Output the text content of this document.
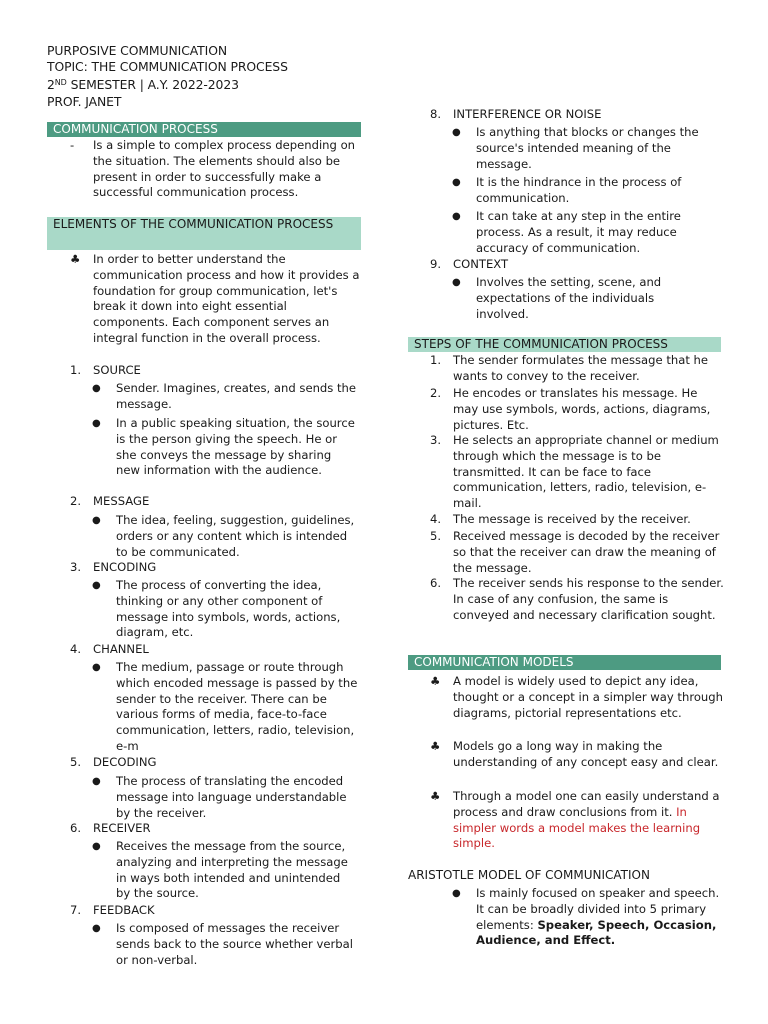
PURPOSIVE COMMUNICATION
TOPIC: THE COMMUNICATION PROCESS
2ND SEMESTER | A.Y. 2022-2023
PROF. JANET
COMMUNICATION PROCESS
- Is a simple to complex process depending on the situation. The elements should also be present in order to successfully make a successful communication process.
ELEMENTS OF THE COMMUNICATION PROCESS
♣ In order to better understand the communication process and how it provides a foundation for group communication, let's break it down into eight essential components. Each component serves an integral function in the overall process.
1. SOURCE
● Sender. Imagines, creates, and sends the message.
● In a public speaking situation, the source is the person giving the speech. He or she conveys the message by sharing new information with the audience.
2. MESSAGE
● The idea, feeling, suggestion, guidelines, orders or any content which is intended to be communicated.
3. ENCODING
● The process of converting the idea, thinking or any other component of message into symbols, words, actions, diagram, etc.
4. CHANNEL
● The medium, passage or route through which encoded message is passed by the sender to the receiver. There can be various forms of media, face-to-face communication, letters, radio, television, e-m
5. DECODING
● The process of translating the encoded message into language understandable by the receiver.
6. RECEIVER
● Receives the message from the source, analyzing and interpreting the message in ways both intended and unintended by the source.
7. FEEDBACK
● Is composed of messages the receiver sends back to the source whether verbal or non-verbal.
8. INTERFERENCE OR NOISE
● Is anything that blocks or changes the source's intended meaning of the message.
● It is the hindrance in the process of communication.
● It can take at any step in the entire process. As a result, it may reduce accuracy of communication.
9. CONTEXT
● Involves the setting, scene, and expectations of the individuals involved.
STEPS OF THE COMMUNICATION PROCESS
1. The sender formulates the message that he wants to convey to the receiver.
2. He encodes or translates his message. He may use symbols, words, actions, diagrams, pictures. Etc.
3. He selects an appropriate channel or medium through which the message is to be transmitted. It can be face to face communication, letters, radio, television, e-mail.
4. The message is received by the receiver.
5. Received message is decoded by the receiver so that the receiver can draw the meaning of the message.
6. The receiver sends his response to the sender. In case of any confusion, the same is conveyed and necessary clarification sought.
COMMUNICATION MODELS
♣ A model is widely used to depict any idea, thought or a concept in a simpler way through diagrams, pictorial representations etc.
♣ Models go a long way in making the understanding of any concept easy and clear.
♣ Through a model one can easily understand a process and draw conclusions from it. In simpler words a model makes the learning simple.
ARISTOTLE MODEL OF COMMUNICATION
● Is mainly focused on speaker and speech. It can be broadly divided into 5 primary elements: Speaker, Speech, Occasion, Audience, and Effect.
